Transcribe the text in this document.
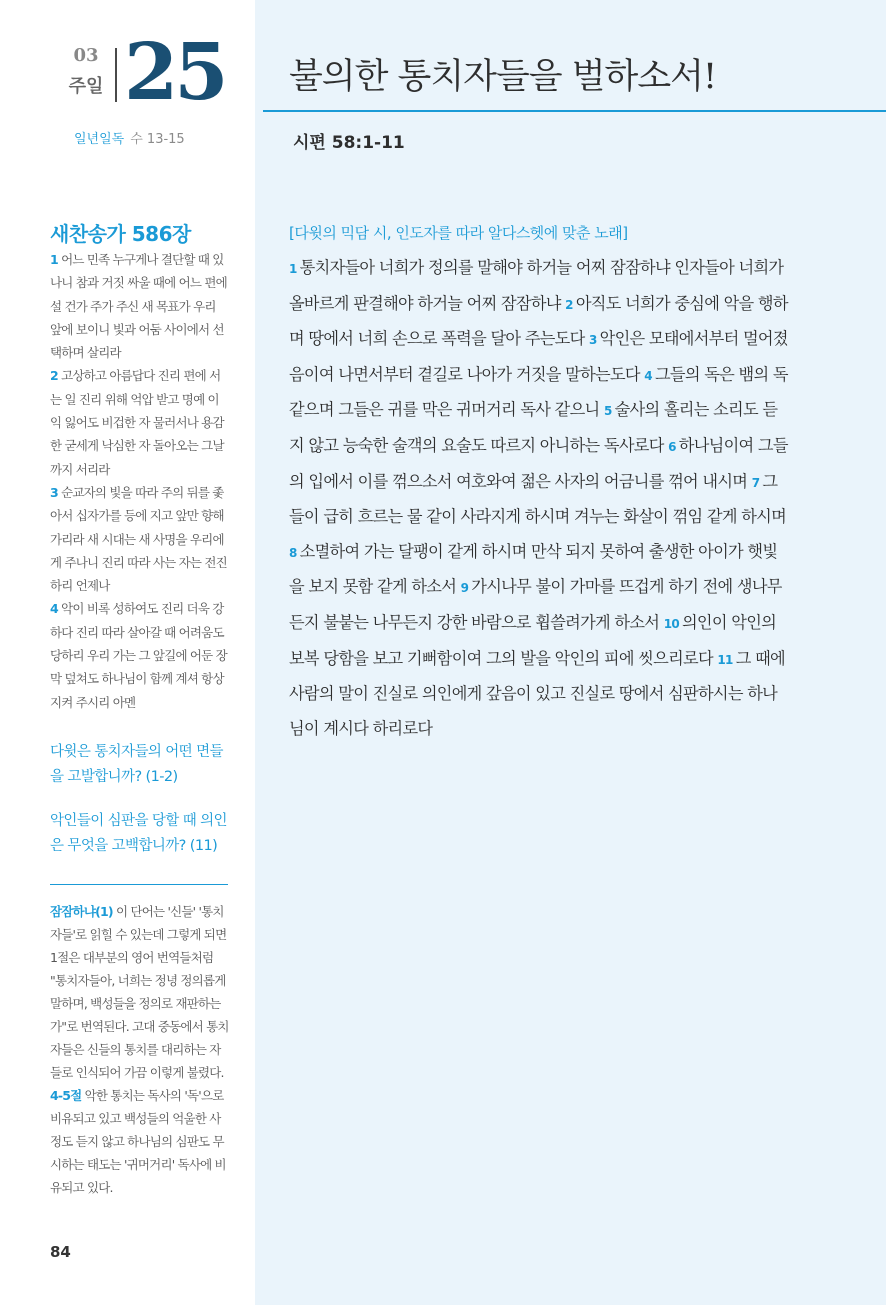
03
주일 25
일년일독 수 13-15
새찬송가 586장

1 어느 민족 누구게나 결단할 때 있나니 참과 거짓 싸울 때에 어느 편에 설 건가 주가 주신 새 목표가 우리 앞에 보이니 빛과 어둠 사이에서 선택하며 살리라

2 고상하고 아름답다 진리 편에 서는 일 진리 위해 억압 받고 명예 이익 잃어도 비겁한 자 물러서나 용감한 굳세게 낙심한 자 돌아오는 그날까지 서리라

3 순교자의 빛을 따라 주의 뒤를 좇아서 십자가를 등에 지고 앞만 향해 가리라 새 시대는 새 사명을 우리에게 주나니 진리 따라 사는 자는 전진하리 언제나

4 악이 비록 성하여도 진리 더욱 강하다 진리 따라 살아갈 때 어려움도 당하리 우리 가는 그 앞길에 어둔 장막 덮쳐도 하나님이 함께 계셔 항상 지켜 주시리 아멘

다윗은 통치자들의 어떤 면들을 고발합니까? (1-2)
악인들이 심판을 당할 때 의인은 무엇을 고백합니까? (11)

잠잠하냐(1) 이 단어는 '신들' '통치자들'로 읽힐 수 있는데 그렇게 되면 1절은 대부분의 영어 번역들처럼 "통치자들아, 너희는 정녕 정의롭게 말하며, 백성들을 정의로 재판하는가"로 번역된다. 고대 중동에서 통치자들은 신들의 통치를 대리하는 자들로 인식되어 가끔 이렇게 불렸다.

4-5절 악한 통치는 독사의 '독'으로 비유되고 있고 백성들의 억울한 사정도 듣지 않고 하나님의 심판도 무시하는 태도는 '귀머거리' 독사에 비유되고 있다.

84
불의한 통치자들을 벌하소서!
시편 58:1-11
[다윗의 믹담 시, 인도자를 따라 알다스헷에 맞춘 노래]
1 통치자들아 너희가 정의를 말해야 하거늘 어찌 잠잠하냐 인자들아 너희가 올바르게 판결해야 하거늘 어찌 잠잠하냐 2 아직도 너희가 중심에 악을 행하며 땅에서 너희 손으로 폭력을 달아 주는도다 3 악인은 모태에서부터 멀어졌음이여 나면서부터 곁길로 나아가 거짓을 말하는도다 4 그들의 독은 뱀의 독 같으며 그들은 귀를 막은 귀머거리 독사 같으니 5 술사의 홀리는 소리도 듣지 않고 능숙한 술객의 요술도 따르지 아니하는 독사로다 6 하나님이여 그들의 입에서 이를 꺾으소서 여호와여 젊은 사자의 어금니를 꺾어 내시며 7 그들이 급히 흐르는 물 같이 사라지게 하시며 겨누는 화살이 꺾임 같게 하시며 8 소멸하여 가는 달팽이 같게 하시며 만삭 되지 못하여 출생한 아이가 햇빛을 보지 못함 같게 하소서 9 가시나무 불이 가마를 뜨겁게 하기 전에 생나무든지 불붙는 나무든지 강한 바람으로 휩쓸려가게 하소서 10 의인이 악인의 보복 당함을 보고 기뻐함이여 그의 발을 악인의 피에 씻으리로다 11 그 때에 사람의 말이 진실로 의인에게 갚음이 있고 진실로 땅에서 심판하시는 하나님이 계시다 하리로다
